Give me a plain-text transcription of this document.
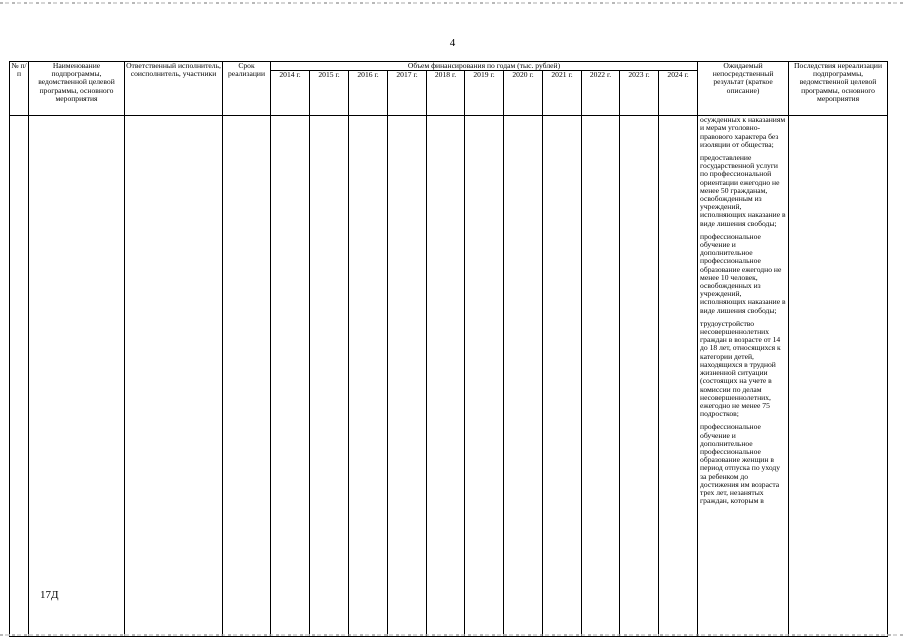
4
№ п/п	Наименование подпрограммы, ведомственной целевой программы, основного мероприятия	Ответственный исполнитель, соисполнитель, участники	Срок реализации	Объем финансирования по годам (тыс. рублей)											Ожидаемый непосредственный результат (краткое описание)	Последствия нереализации подпрограммы, ведомственной целевой программы, основного мероприятия
				2014 г.	2015 г.	2016 г.	2017 г.	2018 г.	2019 г.	2020 г.	2021 г.	2022 г.	2023 г.	2024 г.		

															осужденных к наказаниям и мерам уголовно-правового характера без изоляции от общества;

предоставление государственной услуги по профессиональной ориентации ежегодно не менее 50 гражданам, освобожденным из учреждений, исполняющих наказание в виде лишения свободы;

профессиональное обучение и дополнительное профессиональное образование ежегодно не менее 10 человек, освобожденных из учреждений, исполняющих наказание в виде лишения свободы;

трудоустройство несовершеннолетних граждан в возрасте от 14 до 18 лет, относящихся к категории детей, находящихся в трудной жизненной ситуации (состоящих на учете в комиссии по делам несовершеннолетних, ежегодно не менее 75 подростков;

профессиональное обучение и дополнительное профессиональное образование женщин в период отпуска по уходу за ребенком до достижения им возраста трех лет, незанятых граждан, которым в	

17Д
